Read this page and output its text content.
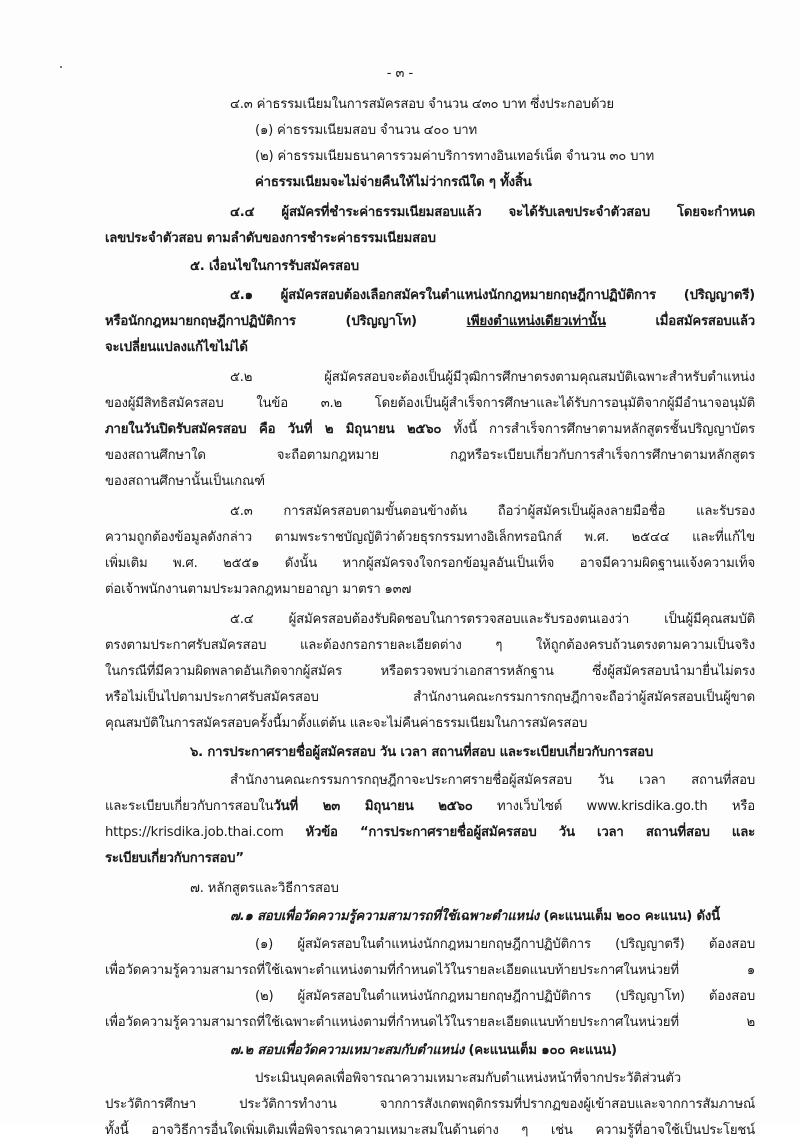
- ๓ -
๔.๓ ค่าธรรมเนียมในการสมัครสอบ จำนวน ๔๓๐ บาท ซึ่งประกอบด้วย
(๑) ค่าธรรมเนียมสอบ จำนวน ๔๐๐ บาท
(๒) ค่าธรรมเนียมธนาคารรวมค่าบริการทางอินเทอร์เน็ต จำนวน ๓๐ บาท
ค่าธรรมเนียมจะไม่จ่ายคืนให้ไม่ว่ากรณีใด ๆ ทั้งสิ้น
๔.๔ ผู้สมัครที่ชำระค่าธรรมเนียมสอบแล้ว จะได้รับเลขประจำตัวสอบ โดยจะกำหนด
เลขประจำตัวสอบ ตามลำดับของการชำระค่าธรรมเนียมสอบ
๕. เงื่อนไขในการรับสมัครสอบ
๕.๑ ผู้สมัครสอบต้องเลือกสมัครในตำแหน่งนักกฎหมายกฤษฎีกาปฏิบัติการ (ปริญญาตรี)
หรือนักกฎหมายกฤษฎีกาปฏิบัติการ (ปริญญาโท) เพียงตำแหน่งเดียวเท่านั้น เมื่อสมัครสอบแล้ว
จะเปลี่ยนแปลงแก้ไขไม่ได้
๕.๒ ผู้สมัครสอบจะต้องเป็นผู้มีวุฒิการศึกษาตรงตามคุณสมบัติเฉพาะสำหรับตำแหน่ง
ของผู้มีสิทธิสมัครสอบ ในข้อ ๓.๒ โดยต้องเป็นผู้สำเร็จการศึกษาและได้รับการอนุมัติจากผู้มีอำนาจอนุมัติ
ภายในวันปิดรับสมัครสอบ คือ วันที่ ๒ มิถุนายน ๒๕๖๐ ทั้งนี้ การสำเร็จการศึกษาตามหลักสูตรชั้นปริญญาบัตร
ของสถานศึกษาใด จะถือตามกฎหมาย กฎหรือระเบียบเกี่ยวกับการสำเร็จการศึกษาตามหลักสูตร
ของสถานศึกษานั้นเป็นเกณฑ์
๕.๓ การสมัครสอบตามขั้นตอนข้างต้น ถือว่าผู้สมัครเป็นผู้ลงลายมือชื่อ และรับรอง
ความถูกต้องข้อมูลดังกล่าว ตามพระราชบัญญัติว่าด้วยธุรกรรมทางอิเล็กทรอนิกส์ พ.ศ. ๒๕๔๔ และที่แก้ไข
เพิ่มเติม พ.ศ. ๒๕๕๑ ดังนั้น หากผู้สมัครจงใจกรอกข้อมูลอันเป็นเท็จ อาจมีความผิดฐานแจ้งความเท็จ
ต่อเจ้าพนักงานตามประมวลกฎหมายอาญา มาตรา ๑๓๗
๕.๔ ผู้สมัครสอบต้องรับผิดชอบในการตรวจสอบและรับรองตนเองว่า เป็นผู้มีคุณสมบัติ
ตรงตามประกาศรับสมัครสอบ และต้องกรอกรายละเอียดต่าง ๆ ให้ถูกต้องครบถ้วนตรงตามความเป็นจริง
ในกรณีที่มีความผิดพลาดอันเกิดจากผู้สมัคร หรือตรวจพบว่าเอกสารหลักฐาน ซึ่งผู้สมัครสอบนำมายื่นไม่ตรง
หรือไม่เป็นไปตามประกาศรับสมัครสอบ สำนักงานคณะกรรมการกฤษฎีกาจะถือว่าผู้สมัครสอบเป็นผู้ขาด
คุณสมบัติในการสมัครสอบครั้งนี้มาตั้งแต่ต้น และจะไม่คืนค่าธรรมเนียมในการสมัครสอบ
๖. การประกาศรายชื่อผู้สมัครสอบ วัน เวลา สถานที่สอบ และระเบียบเกี่ยวกับการสอบ
สำนักงานคณะกรรมการกฤษฎีกาจะประกาศรายชื่อผู้สมัครสอบ วัน เวลา สถานที่สอบ
และระเบียบเกี่ยวกับการสอบในวันที่ ๒๓ มิถุนายน ๒๕๖๐ ทางเว็บไซต์ www.krisdika.go.th หรือ
https://krisdika.job.thai.com หัวข้อ “การประกาศรายชื่อผู้สมัครสอบ วัน เวลา สถานที่สอบ และ
ระเบียบเกี่ยวกับการสอบ”
๗. หลักสูตรและวิธีการสอบ
๗.๑ สอบเพื่อวัดความรู้ความสามารถที่ใช้เฉพาะตำแหน่ง (คะแนนเต็ม ๒๐๐ คะแนน) ดังนี้
(๑) ผู้สมัครสอบในตำแหน่งนักกฎหมายกฤษฎีกาปฏิบัติการ (ปริญญาตรี) ต้องสอบ
เพื่อวัดความรู้ความสามารถที่ใช้เฉพาะตำแหน่งตามที่กำหนดไว้ในรายละเอียดแนบท้ายประกาศในหน่วยที่ ๑
(๒) ผู้สมัครสอบในตำแหน่งนักกฎหมายกฤษฎีกาปฏิบัติการ (ปริญญาโท) ต้องสอบ
เพื่อวัดความรู้ความสามารถที่ใช้เฉพาะตำแหน่งตามที่กำหนดไว้ในรายละเอียดแนบท้ายประกาศในหน่วยที่ ๒
๗.๒ สอบเพื่อวัดความเหมาะสมกับตำแหน่ง (คะแนนเต็ม ๑๐๐ คะแนน)
ประเมินบุคคลเพื่อพิจารณาความเหมาะสมกับตำแหน่งหน้าที่จากประวัติส่วนตัว
ประวัติการศึกษา ประวัติการทำงาน จากการสังเกตพฤติกรรมที่ปรากฏของผู้เข้าสอบและจากการสัมภาษณ์
ทั้งนี้ อาจวิธีการอื่นใดเพิ่มเติมเพื่อพิจารณาความเหมาะสมในด้านต่าง ๆ เช่น ความรู้ที่อาจใช้เป็นประโยชน์
